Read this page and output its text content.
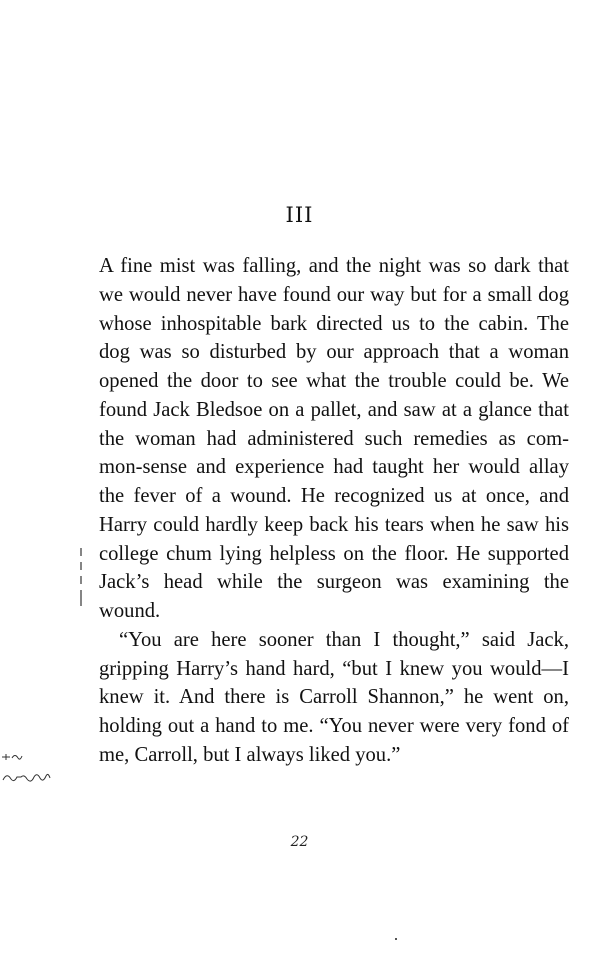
III

A fine mist was falling, and the night was so dark that we would never have found our way but for a small dog whose inhospitable bark directed us to the cabin. The dog was so disturbed by our approach that a woman opened the door to see what the trouble could be. We found Jack Bledsoe on a pallet, and saw at a glance that the woman had administered such remedies as com-mon-sense and experience had taught her would allay the fever of a wound. He recognized us at once, and Harry could hardly keep back his tears when he saw his college chum lying helpless on the floor. He supported Jack’s head while the surgeon was examining the wound.

“You are here sooner than I thought,” said Jack, gripping Harry’s hand hard, “but I knew you would—I knew it. And there is Carroll Shannon,” he went on, holding out a hand to me. “You never were very fond of me, Carroll, but I always liked you.”

22
